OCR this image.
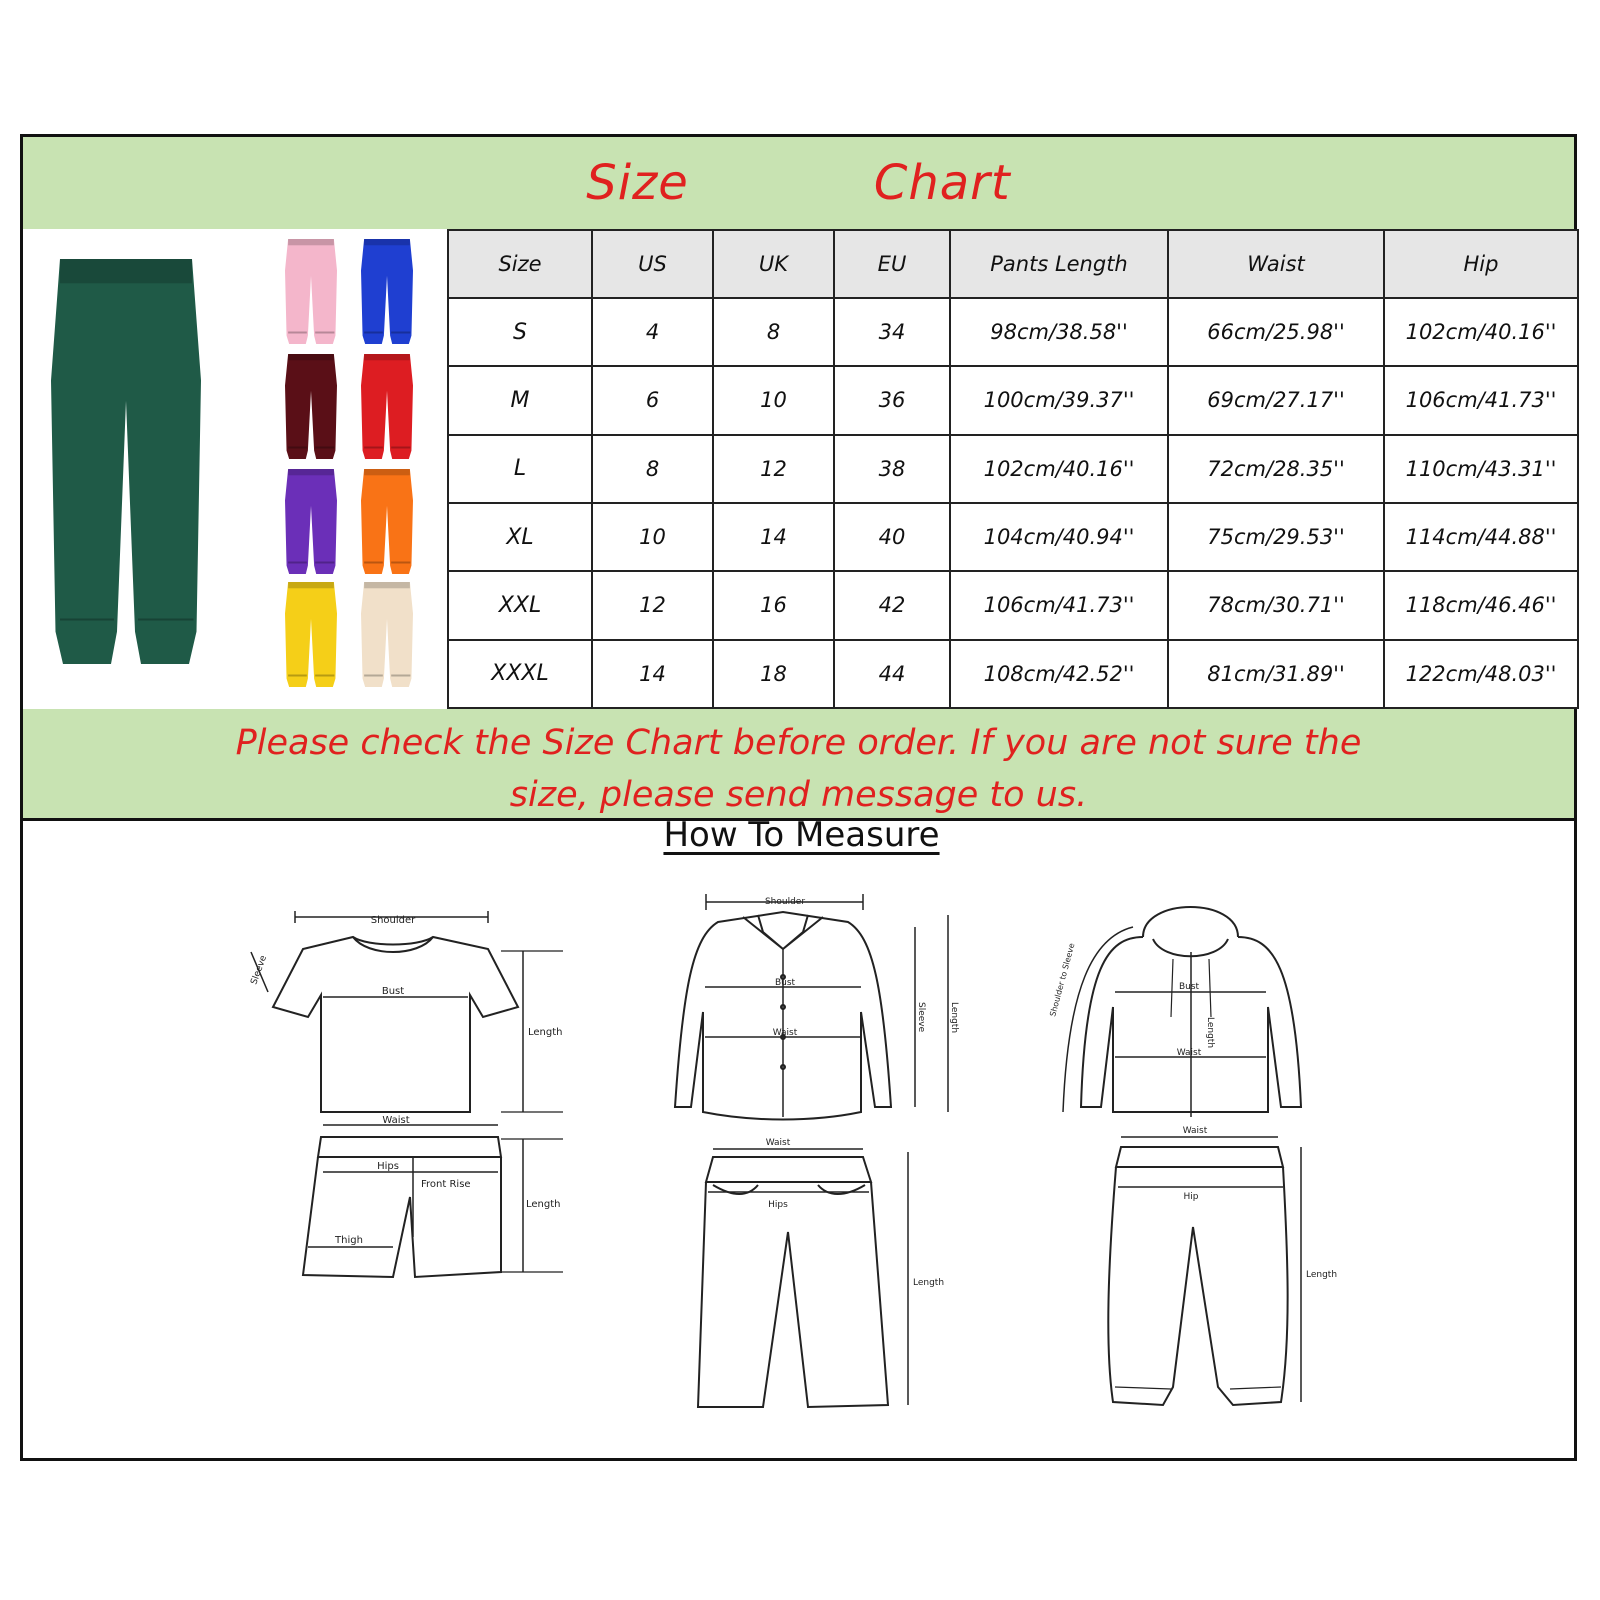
Size	Chart
Size	US	UK	EU	Pants Length	Waist	Hip
S	4	8	34	98cm/38.58''	66cm/25.98''	102cm/40.16''
M	6	10	36	100cm/39.37''	69cm/27.17''	106cm/41.73''
L	8	12	38	102cm/40.16''	72cm/28.35''	110cm/43.31''
XL	10	14	40	104cm/40.94''	75cm/29.53''	114cm/44.88''
XXL	12	16	42	106cm/41.73''	78cm/30.71''	118cm/46.46''
XXXL	14	18	44	108cm/42.52''	81cm/31.89''	122cm/48.03''
Please check the Size Chart before order. If you are not sure the
size, please send message to us.
How To Measure
Shoulder
Bust
Length
Sleeve
Waist
Hips
Front Rise
Thigh
Length
Shoulder
Bust
Waist
Sleeve	Length
Waist
Hips
Length
Bust
Length
Waist
Shoulder to Sleeve
Waist
Hip
Length
